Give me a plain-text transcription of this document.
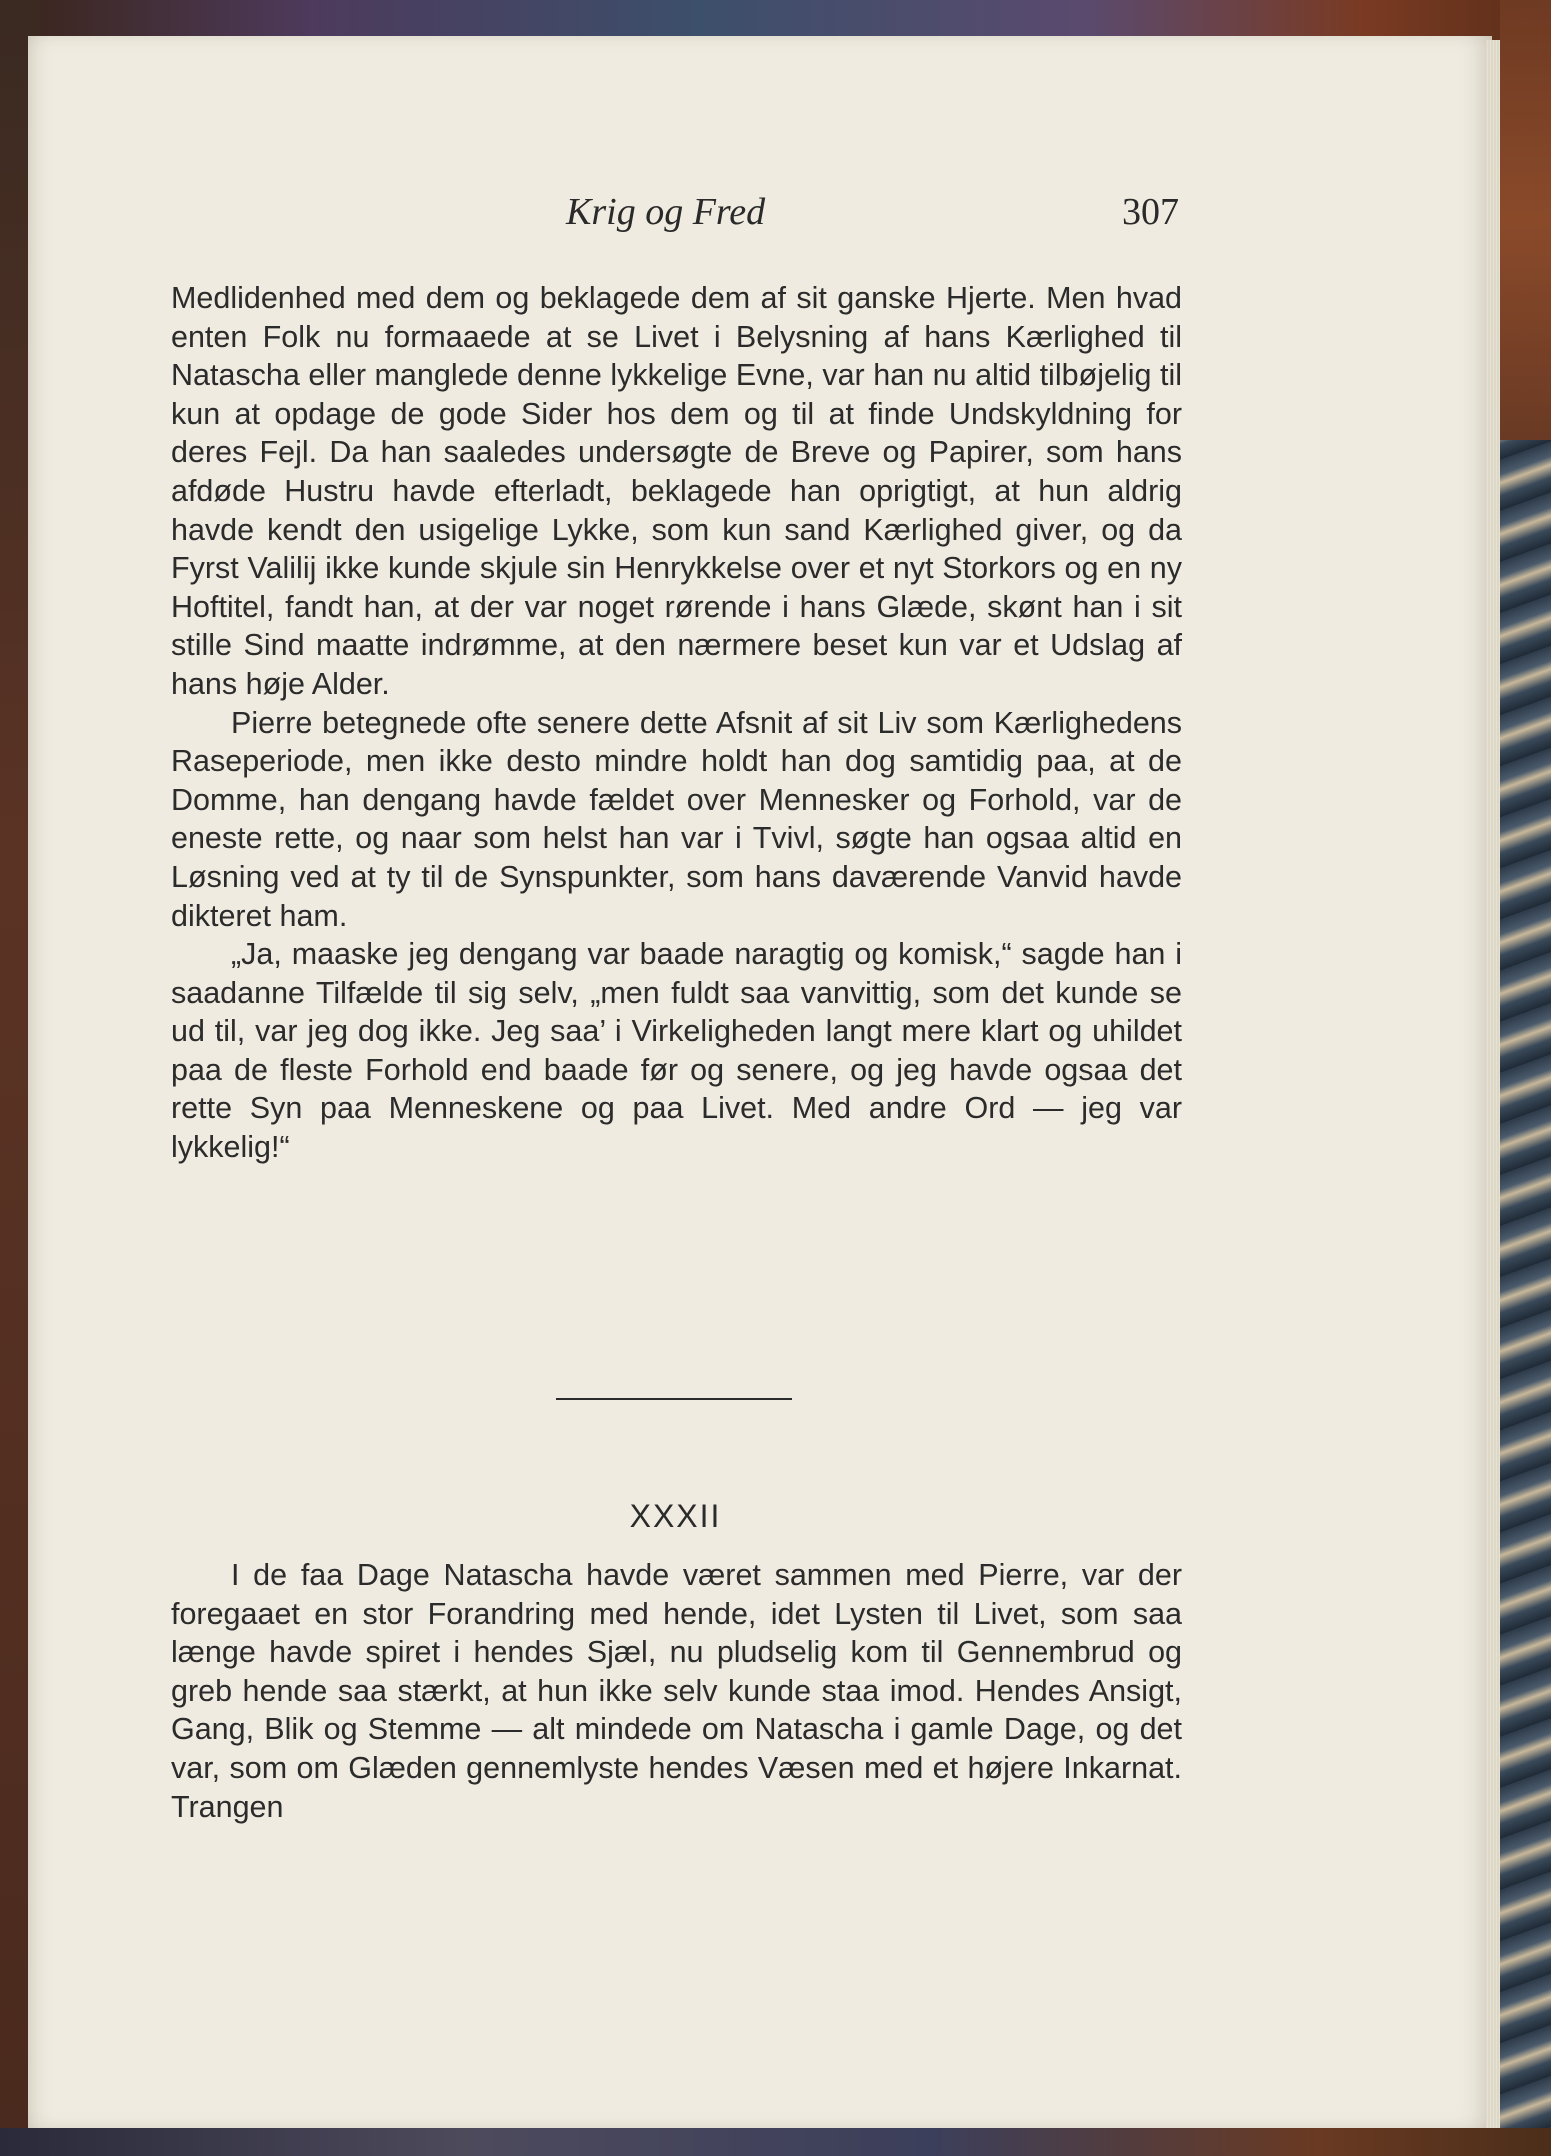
Krig og Fred	307

Medlidenhed med dem og beklagede dem af sit ganske Hjerte. Men hvad enten Folk nu formaaede at se Livet i Belysning af hans Kærlighed til Natascha eller manglede denne lykkelige Evne, var han nu altid tilbøjelig til kun at opdage de gode Sider hos dem og til at finde Undskyldning for deres Fejl. Da han saaledes undersøgte de Breve og Papirer, som hans afdøde Hustru havde efterladt, beklagede han oprigtigt, at hun aldrig havde kendt den usigelige Lykke, som kun sand Kærlighed giver, og da Fyrst Valilij ikke kunde skjule sin Henrykkelse over et nyt Storkors og en ny Hoftitel, fandt han, at der var noget rørende i hans Glæde, skønt han i sit stille Sind maatte indrømme, at den nærmere beset kun var et Udslag af hans høje Alder.

Pierre betegnede ofte senere dette Afsnit af sit Liv som Kærlighedens Raseperiode, men ikke desto mindre holdt han dog samtidig paa, at de Domme, han dengang havde fældet over Mennesker og Forhold, var de eneste rette, og naar som helst han var i Tvivl, søgte han ogsaa altid en Løsning ved at ty til de Synspunkter, som hans daværende Vanvid havde dikteret ham.

„Ja, maaske jeg dengang var baade naragtig og komisk,“ sagde han i saadanne Tilfælde til sig selv, „men fuldt saa vanvittig, som det kunde se ud til, var jeg dog ikke. Jeg saa’ i Virkeligheden langt mere klart og uhildet paa de fleste Forhold end baade før og senere, og jeg havde ogsaa det rette Syn paa Menneskene og paa Livet. Med andre Ord — jeg var lykkelig!“

XXXII

I de faa Dage Natascha havde været sammen med Pierre, var der foregaaet en stor Forandring med hende, idet Lysten til Livet, som saa længe havde spiret i hendes Sjæl, nu pludselig kom til Gennembrud og greb hende saa stærkt, at hun ikke selv kunde staa imod. Hendes Ansigt, Gang, Blik og Stemme — alt mindede om Natascha i gamle Dage, og det var, som om Glæden gennemlyste hendes Væsen med et højere Inkarnat. Trangen
